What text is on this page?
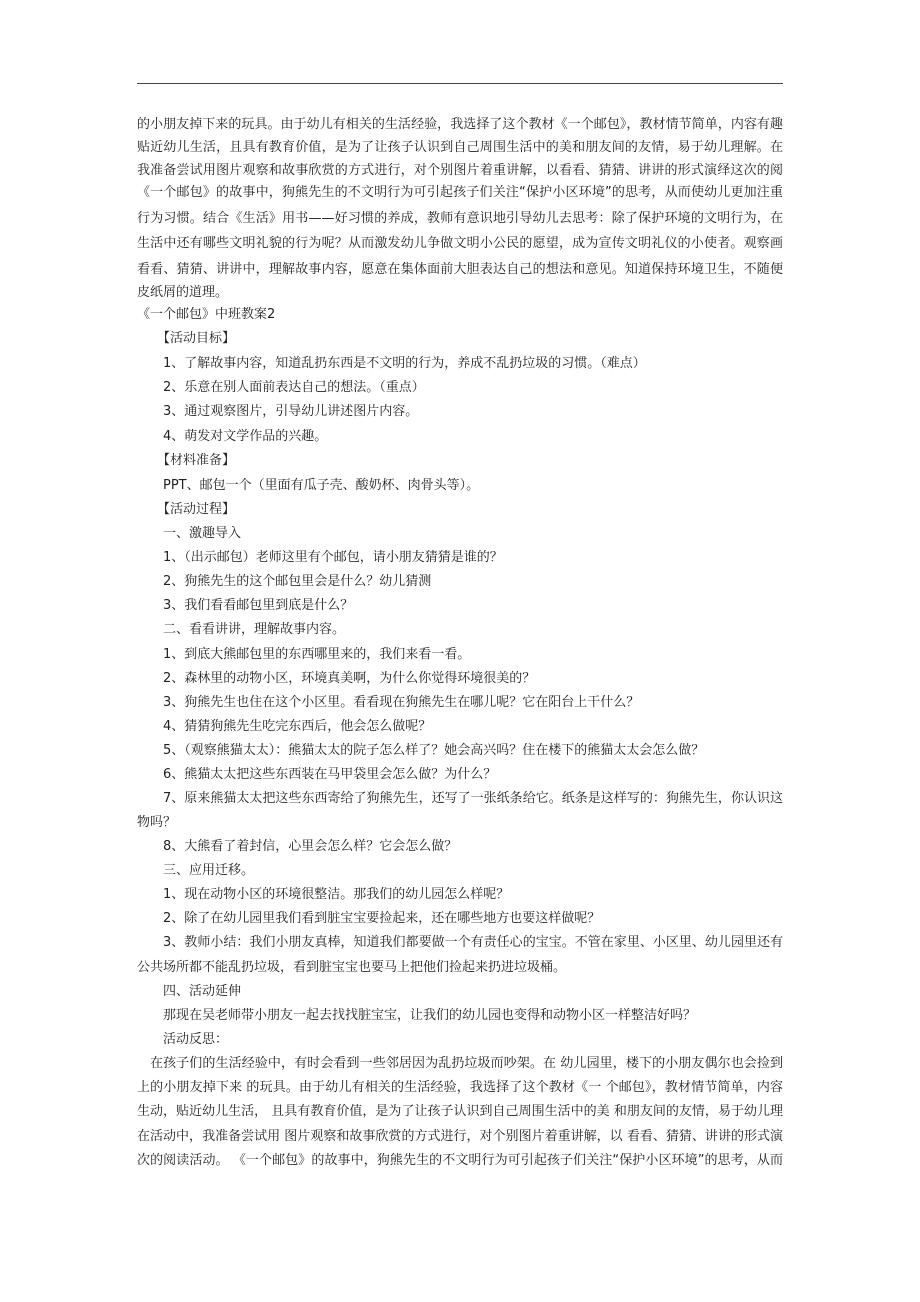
的小朋友掉下来的玩具。由于幼儿有相关的生活经验，我选择了这个教材《一个邮包》，教材情节简单，内容有趣
贴近幼儿生活，且具有教育价值，是为了让孩子认识到自己周围生活中的美和朋友间的友情，易于幼儿理解。在
我准备尝试用图片观察和故事欣赏的方式进行，对个别图片着重讲解，以看看、猜猜、讲讲的形式演绎这次的阅
《一个邮包》的故事中，狗熊先生的不文明行为可引起孩子们关注“保护小区环境”的思考，从而使幼儿更加注重
行为习惯。结合《生活》用书——好习惯的养成，教师有意识地引导幼儿去思考：除了保护环境的文明行为，在
生活中还有哪些文明礼貌的行为呢？从而激发幼儿争做文明小公民的愿望，成为宣传文明礼仪的小使者。观察画
看看、猜猜、讲讲中，理解故事内容，愿意在集体面前大胆表达自己的想法和意见。知道保持环境卫生，不随便
皮纸屑的道理。
《一个邮包》中班教案2
【活动目标】
1、了解故事内容，知道乱扔东西是不文明的行为，养成不乱扔垃圾的习惯。（难点）
2、乐意在别人面前表达自己的想法。（重点）
3、通过观察图片，引导幼儿讲述图片内容。
4、萌发对文学作品的兴趣。
【材料准备】
PPT、邮包一个（里面有瓜子壳、酸奶杯、肉骨头等）。
【活动过程】
一、激趣导入
1、（出示邮包）老师这里有个邮包，请小朋友猜猜是谁的？
2、狗熊先生的这个邮包里会是什么？幼儿猜测
3、我们看看邮包里到底是什么？
二、看看讲讲，理解故事内容。
1、到底大熊邮包里的东西哪里来的，我们来看一看。
2、森林里的动物小区，环境真美啊，为什么你觉得环境很美的？
3、狗熊先生也住在这个小区里。看看现在狗熊先生在哪儿呢？它在阳台上干什么？
4、猜猜狗熊先生吃完东西后，他会怎么做呢？
5、（观察熊猫太太）：熊猫太太的院子怎么样了？她会高兴吗？住在楼下的熊猫太太会怎么做？
6、熊猫太太把这些东西装在马甲袋里会怎么做？为什么？
7、原来熊猫太太把这些东西寄给了狗熊先生，还写了一张纸条给它。纸条是这样写的：狗熊先生，你认识这
物吗？
8、大熊看了着封信，心里会怎么样？它会怎么做？
三、应用迁移。
1、现在动物小区的环境很整洁。那我们的幼儿园怎么样呢？
2、除了在幼儿园里我们看到脏宝宝要捡起来，还在哪些地方也要这样做呢？
3、教师小结：我们小朋友真棒，知道我们都要做一个有责任心的宝宝。不管在家里、小区里、幼儿园里还有
公共场所都不能乱扔垃圾，看到脏宝宝也要马上把他们捡起来扔进垃圾桶。
四、活动延伸
那现在吴老师带小朋友一起去找找脏宝宝，让我们的幼儿园也变得和动物小区一样整洁好吗？
活动反思：
在孩子们的生活经验中，有时会看到一些邻居因为乱扔垃圾而吵架。在 幼儿园里，楼下的小朋友偶尔也会捡到
上的小朋友掉下来 的玩具。由于幼儿有相关的生活经验，我选择了这个教材《一 个邮包》，教材情节简单，内容
生动，贴近幼儿生活， 且具有教育价值，是为了让孩子认识到自己周围生活中的美 和朋友间的友情，易于幼儿理
在活动中，我准备尝试用 图片观察和故事欣赏的方式进行，对个别图片着重讲解，以 看看、猜猜、讲讲的形式演
次的阅读活动。 《一个邮包》的故事中，狗熊先生的不文明行为可引起孩子们关注“保护小区环境”的思考，从而
